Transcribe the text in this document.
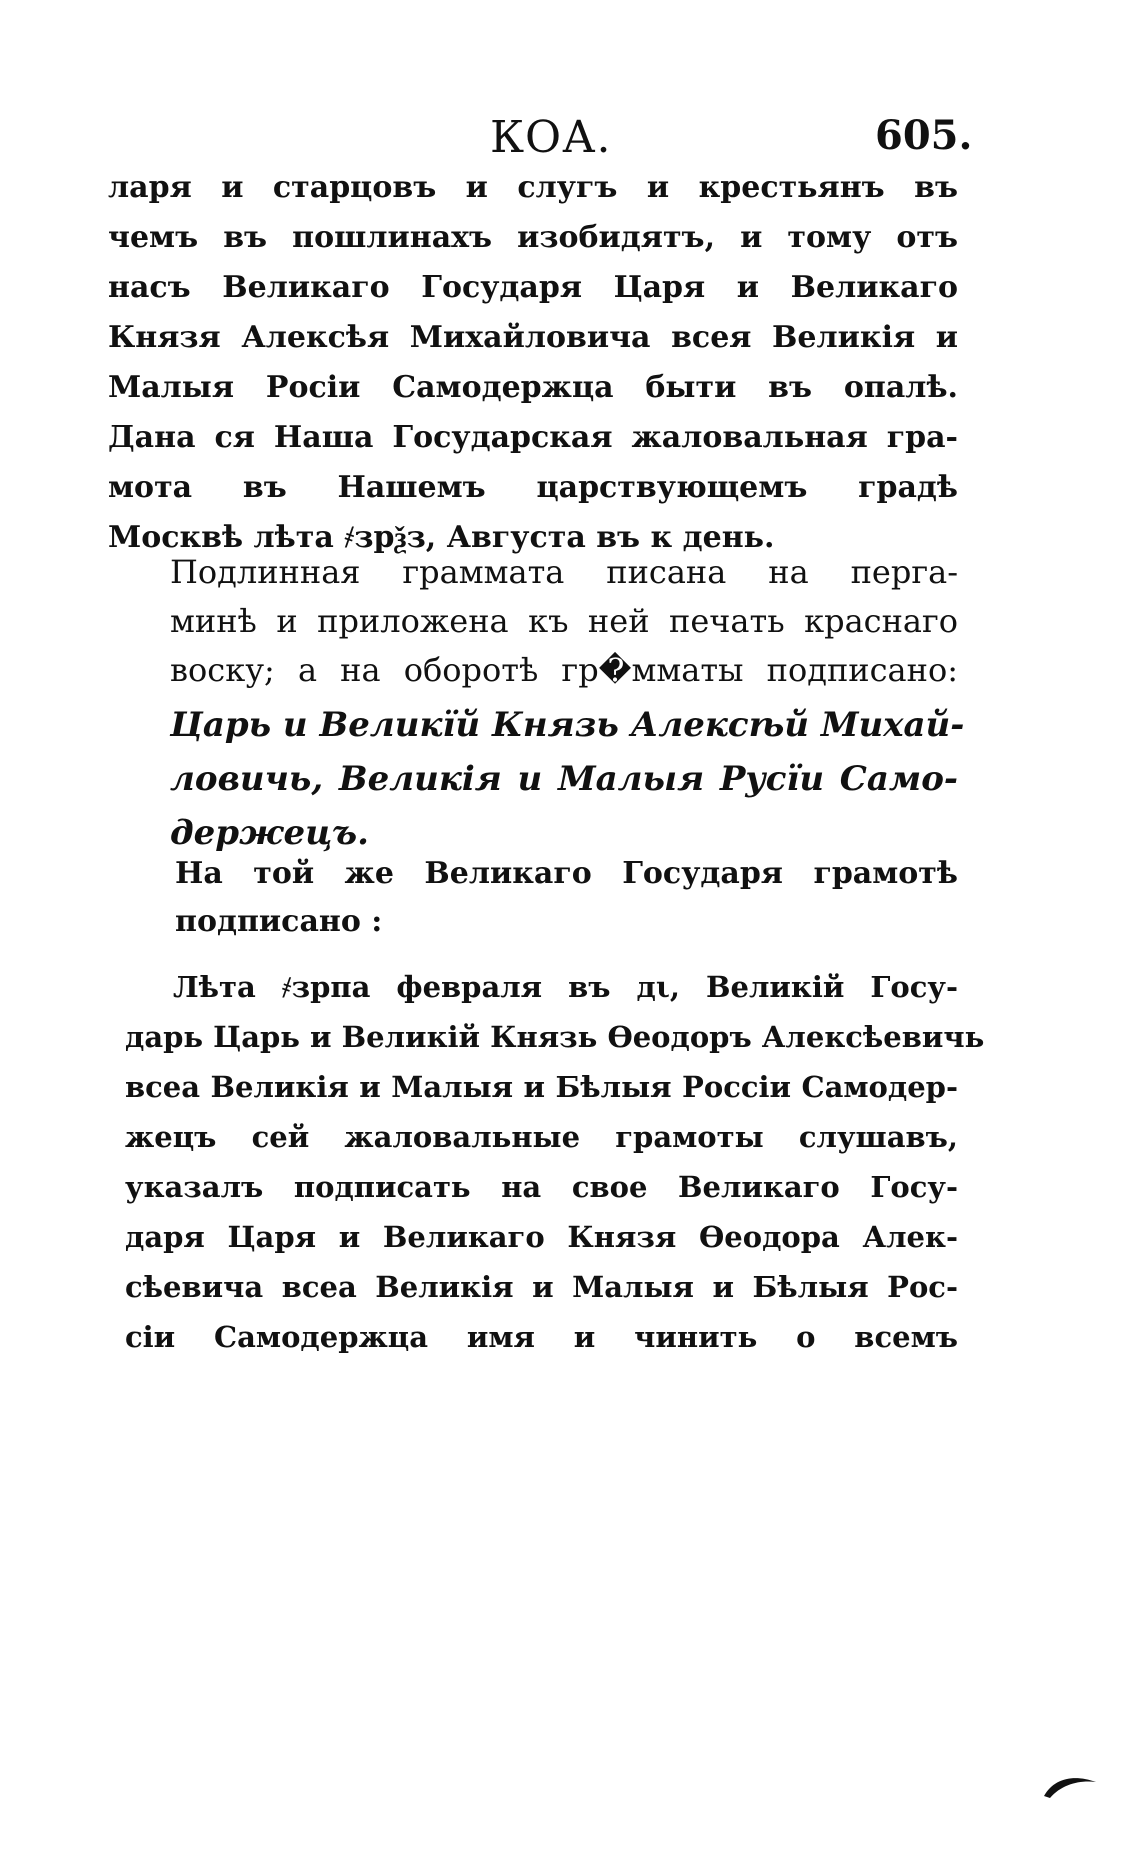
КОА.	605.
ларя и старцовъ и слугъ и крестьянъ въ
чемъ въ пошлинахъ изобидятъ, и тому отъ
насъ Великаго Государя Царя и Великаго
Князя Алексѣя Михайловича всея Великія и
Малыя Росіи Самодержца быти въ опалѣ.
Дана ся Наша Государская жаловальная гра-
мота въ Нашемъ царствующемъ градѣ
Москвѣ лѣта ҂зрѯз, Августа въ к день.
Подлинная граммата писана на перга-
минѣ и приложена къ ней печать краснаго
воску; а на оборотѣ гр�мматы подписано:
Царь и Великїй Князь Алексѣй Михай-
ловичь, Великія и Малыя Русїи Само-
держецъ.
На той же Великаго Государя грамотѣ
подписано :
Лѣта ҂зрпа февраля въ дι, Великій Госу-
дарь Царь и Великій Князь Ѳеодоръ Алексѣевичь
всеа Великія и Малыя и Бѣлыя Россіи Самодер-
жецъ сей жаловальные грамоты слушавъ,
указалъ подписать на свое Великаго Госу-
даря Царя и Великаго Князя Ѳеодора Алек-
сѣевича всеа Великія и Малыя и Бѣлыя Рос-
сіи Самодержца имя и чинить о всемъ
